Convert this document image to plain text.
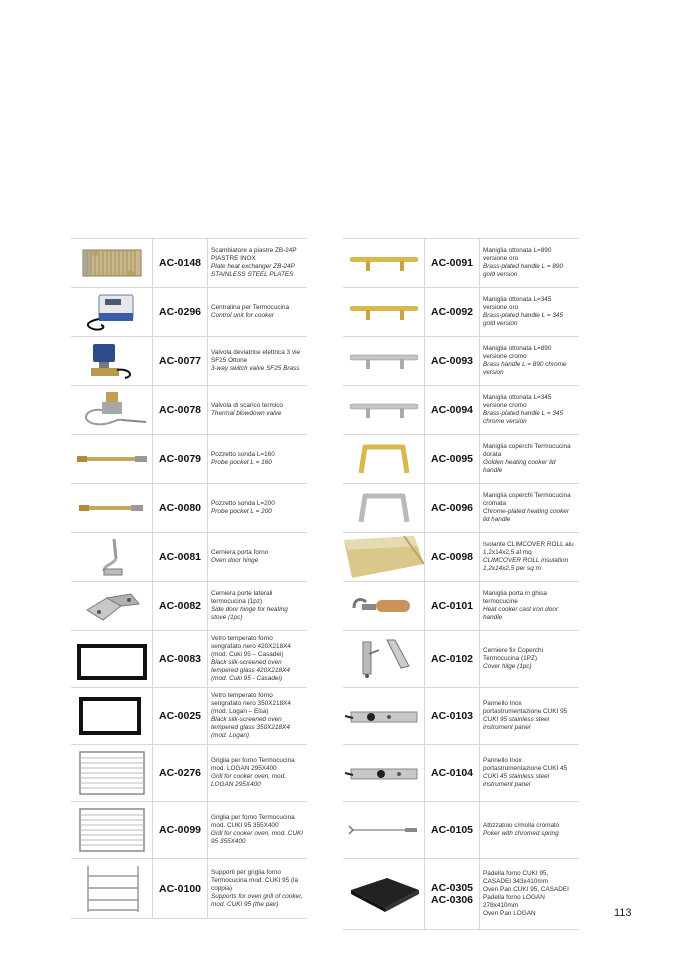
AC-0148
Scambiatore a piastre ZB-24P PIASTRE INOX
Plate heat exchanger ZB-24P STAINLESS STEEL PLATES
AC-0296 Centralina per Termocucina
Control unit for cooker
AC-0077
Valvola deviatrice elettrica 3 vie SF25 Ottone
3-way switch valve SF25 Brass
AC-0078 Valvola di scarico termico
Thermal blowdown valve
AC-0079 Pozzetto sonda L=160
Probe pocket L = 160
AC-0080 Pozzetto sonda L=200
Probe pocket L = 200
AC-0081 Cerniera porta forno
Oven door hinge
AC-0082
Cerniera porte laterali termocucina (1pz)
Side door hinge for heating stove (1pc)
AC-0083
Vetro temperato forno sengrafato nero 420X218X4 (mod. Cuki 95 – Casadei)
Black silk-screened oven tempered glass 420X218X4 (mod. Cuki 95 - Casadei)
AC-0025
Vetro temperato forno sengrafato nero 350X218X4 (mod. Logan – Elsa)
Black silk-screened oven tempered glass 350X218X4 (mod. Logan)
AC-0276
Griglia per forno Termocucina mod. LOGAN 295X400
Grill for cooker oven, mod. LOGAN 295X400
AC-0099
Griglia per forno Termocucina mod. CUKI 95 355X400
Grill for cooker oven, mod. CUKI 95 355X400
AC-0100
Supporti per griglia forno Termocucina mod. CUKI 95 (la coppia)
Supports for oven grill of cooker, mod. CUKI 95 (the pair)
AC-0091
Maniglia ottonata L=890 versione oro
Brass-plated handle L = 890 gold version
AC-0092
Maniglia ottonata L=345 versione oro
Brass-plated handle L = 345 gold version
AC-0093
Maniglia ottonata L=890 versione cromo
Brass handle L = 890 chrome version
AC-0094
Maniglia ottonata L=345 versione cromo
Brass-plated handle L = 345 chrome version
AC-0095
Maniglia coperchi Termocucina dorata
Golden heating cooker lid handle
AC-0096
Maniglia coperchi Termocucina cromata
Chrome-plated heating cooker lid handle
AC-0098
Isolante CLIMCOVER ROLL alu 1,2x14x2,5 al mq
CLIMCOVER ROLL insulation 1,2x14x2,5 per sq m
AC-0101
Maniglia porta in ghisa termocucine
Heat cooker cast iron door handle
AC-0102
Cerniere fix Coperchi Termocucina (1PZ)
Cover hilge (1pc)
AC-0103
Pannello Inox portastrumentazione CUKI 95
CUKI 95 stainless steel instrument panel
AC-0104
Pannello Inox portastrumentazione CUKI 45
CUKI 45 stainless steel instrument panel
AC-0105 Attizzatoio c/molla cromato
Poker with chromed spring
AC-0305
AC-0306
Padella forno CUKI 95, CASADEI 343x410mm
Oven Pan CUKI 95, CASADEI
Padella forno LOGAN 278x410mm
Oven Pan LOGAN	113
